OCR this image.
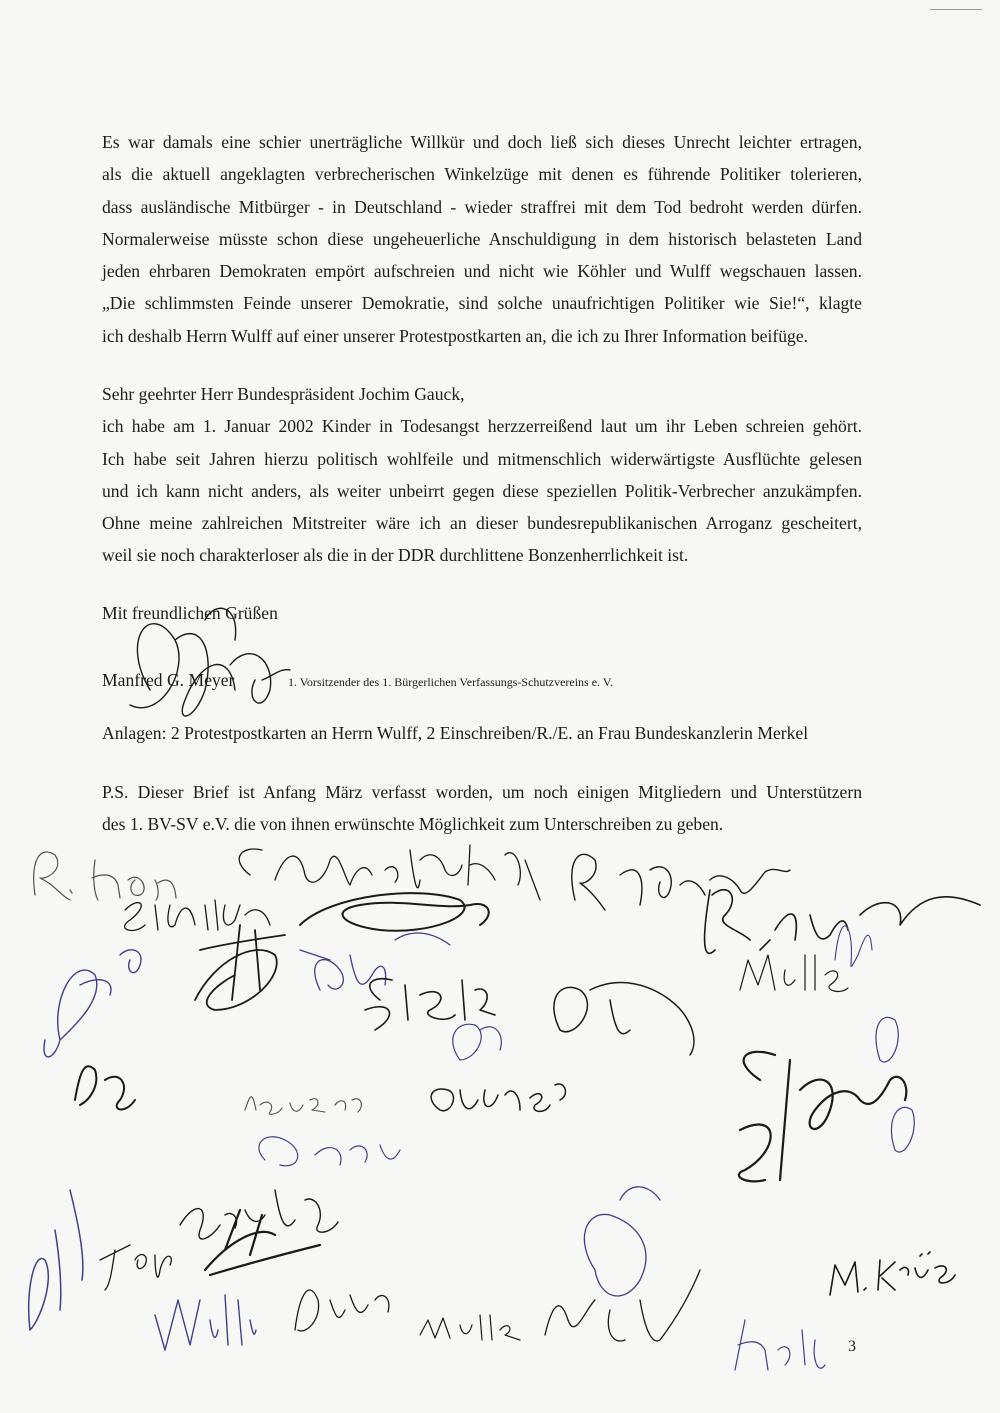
Es war damals eine schier unerträgliche Willkür und doch ließ sich dieses Unrecht leichter ertragen,
als die aktuell angeklagten verbrecherischen Winkelzüge mit denen es führende Politiker tolerieren,
dass ausländische Mitbürger - in Deutschland - wieder straffrei mit dem Tod bedroht werden dürfen.
Normalerweise müsste schon diese ungeheuerliche Anschuldigung in dem historisch belasteten Land
jeden ehrbaren Demokraten empört aufschreien und nicht wie Köhler und Wulff wegschauen lassen.
„Die schlimmsten Feinde unserer Demokratie, sind solche unaufrichtigen Politiker wie Sie!“, klagte
ich deshalb Herrn Wulff auf einer unserer Protestpostkarten an, die ich zu Ihrer Information beifüge.
Sehr geehrter Herr Bundespräsident Jochim Gauck,
ich habe am 1. Januar 2002 Kinder in Todesangst herzzerreißend laut um ihr Leben schreien gehört.
Ich habe seit Jahren hierzu politisch wohlfeile und mitmenschlich widerwärtigste Ausflüchte gelesen
und ich kann nicht anders, als weiter unbeirrt gegen diese speziellen Politik-Verbrecher anzukämpfen.
Ohne meine zahlreichen Mitstreiter wäre ich an dieser bundesrepublikanischen Arroganz gescheitert,
weil sie noch charakterloser als die in der DDR durchlittene Bonzenherrlichkeit ist.
Mit freundlichen Grüßen
Manfred G. Meyer	1. Vorsitzender des 1. Bürgerlichen Verfassungs-Schutzvereins e. V.
Anlagen: 2 Protestpostkarten an Herrn Wulff, 2 Einschreiben/R./E. an Frau Bundeskanzlerin Merkel
P.S. Dieser Brief ist Anfang März verfasst worden, um noch einigen Mitgliedern und Unterstützern
des 1. BV-SV e.V. die von ihnen erwünschte Möglichkeit zum Unterschreiben zu geben.
3
